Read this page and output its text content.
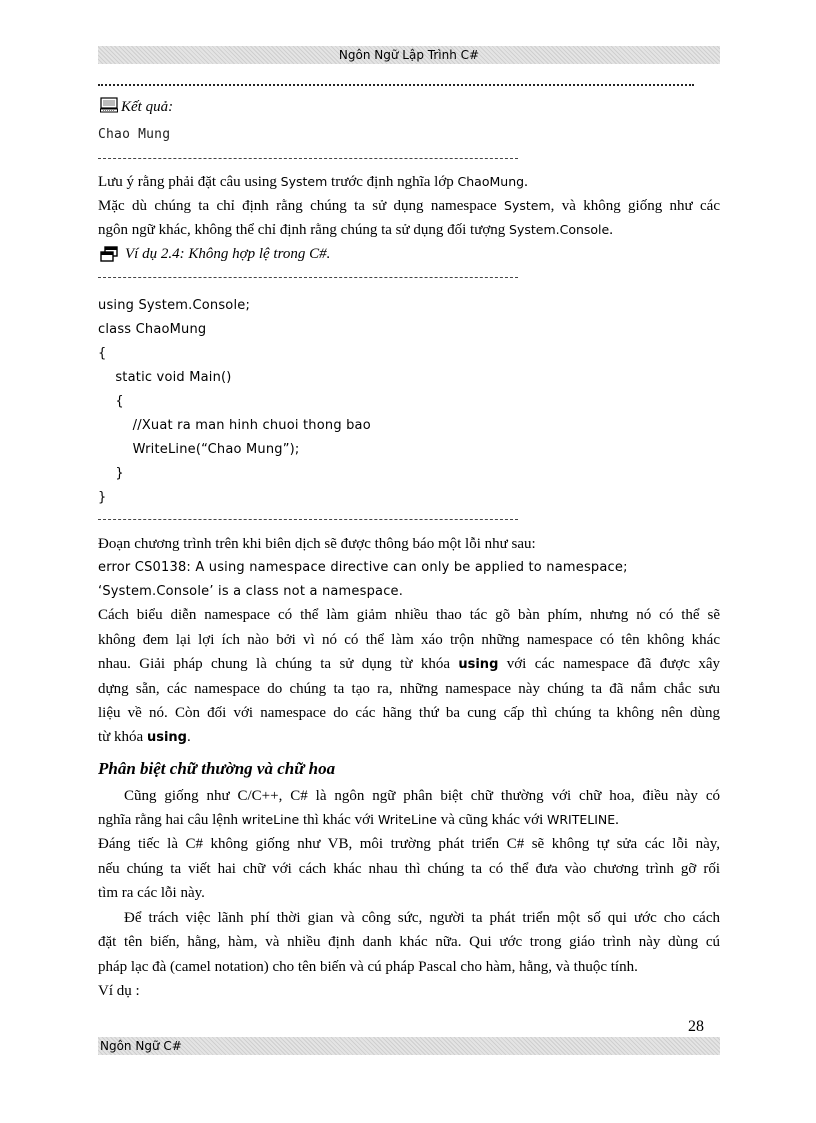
Ngôn Ngữ Lập Trình C#
Kết quả:
Chao Mung
Lưu ý rằng phải đặt câu using System trước định nghĩa lớp ChaoMung.
Mặc dù chúng ta chỉ định rằng chúng ta sử dụng namespace System, và không giống như các
ngôn ngữ khác, không thể chỉ định rằng chúng ta sử dụng đối tượng System.Console.
Ví dụ 2.4: Không hợp lệ trong C#.
using System.Console;
class ChaoMung
{
static void Main()
{
//Xuat ra man hinh chuoi thong bao
WriteLine(“Chao Mung”);
}
}
Đoạn chương trình trên khi biên dịch sẽ được thông báo một lỗi như sau:
error CS0138: A using namespace directive can only be applied to namespace;
‘System.Console’ is a class not a namespace.
Cách biểu diễn namespace có thể làm giảm nhiều thao tác gõ bàn phím, nhưng nó có thể sẽ
không đem lại lợi ích nào bởi vì nó có thể làm xáo trộn những namespace có tên không khác
nhau. Giải pháp chung là chúng ta sử dụng từ khóa using với các namespace đã được xây
dựng sẵn, các namespace do chúng ta tạo ra, những namespace này chúng ta đã nắm chắc sưu
liệu về nó. Còn đối với namespace do các hãng thứ ba cung cấp thì chúng ta không nên dùng
từ khóa using.
Phân biệt chữ thường và chữ hoa
Cũng giống như C/C++, C# là ngôn ngữ phân biệt chữ thường với chữ hoa, điều này có
nghĩa rằng hai câu lệnh writeLine thì khác với WriteLine và cũng khác với WRITELINE.
Đáng tiếc là C# không giống như VB, môi trường phát triển C# sẽ không tự sửa các lỗi này,
nếu chúng ta viết hai chữ với cách khác nhau thì chúng ta có thể đưa vào chương trình gỡ rối
tìm ra các lỗi này.
Để trách việc lãnh phí thời gian và công sức, người ta phát triển một số qui ước cho cách
đặt tên biến, hằng, hàm, và nhiều định danh khác nữa. Qui ước trong giáo trình này dùng cú
pháp lạc đà (camel notation) cho tên biến và cú pháp Pascal cho hàm, hằng, và thuộc tính.
Ví dụ :
28
Ngôn Ngữ C#
